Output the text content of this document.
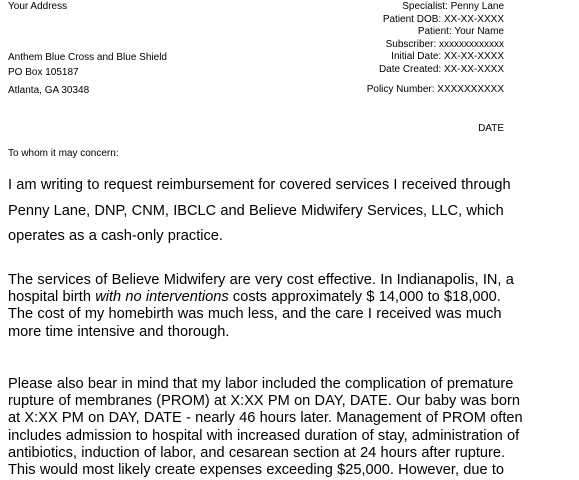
Your Address
Anthem Blue Cross and Blue Shield
PO Box 105187
Atlanta, GA 30348
Specialist: Penny Lane
Patient DOB: XX-XX-XXXX
Patient: Your Name
Subscriber: xxxxxxxxxxxxx
Initial Date: XX-XX-XXXX
Date Created: XX-XX-XXXX
Policy Number: XXXXXXXXXX
DATE
To whom it may concern:
I am writing to request reimbursement for covered services I received through
Penny Lane, DNP, CNM, IBCLC and Believe Midwifery Services, LLC, which
operates as a cash-only practice.
The services of Believe Midwifery are very cost effective. In Indianapolis, IN, a
hospital birth with no interventions costs approximately $ 14,000 to $18,000.
The cost of my homebirth was much less, and the care I received was much
more time intensive and thorough.
Please also bear in mind that my labor included the complication of premature
rupture of membranes (PROM) at X:XX PM on DAY, DATE. Our baby was born
at X:XX PM on DAY, DATE - nearly 46 hours later. Management of PROM often
includes admission to hospital with increased duration of stay, administration of
antibiotics, induction of labor, and cesarean section at 24 hours after rupture.
This would most likely create expenses exceeding $25,000. However, due to
